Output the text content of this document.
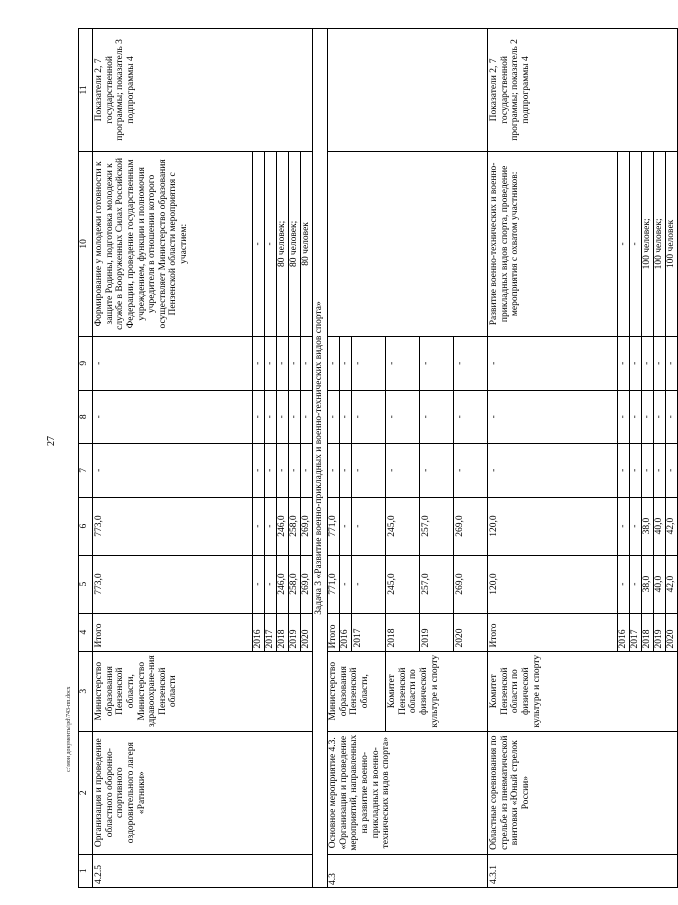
27
1	2	3	4	5	6	7	8	9	10	11
4.2.5	Организация и проведение областного оборонно-спортивного оздоровительного лагеря «Ратники»	Министерство образования Пензенской области, Министерство здравоохране-ния Пензенской области	Итого	773,0	773,0	-	-	-	Формирование у молодежи готовности к защите Родины, подготовка молодежи к службе в Вооруженных Силах Российской Федерации, проведение государственным учреждением, функции и полномочия учредителя в отношении которого осуществляет Министерство образования Пензенской области мероприятия с участием:	Показатели 2, 7 государственной программы; показатель 3 подпрограммы 4
			2016	-	-	-	-	-	-	
			2017	-	-	-	-	-	-	
			2018	246,0	246,0	-	-	-	80 человек;	
			2019	258,0	258,0	-	-	-	80 человек;	
			2020	269,0	269,0	-	-	-	80 человек	
Задача 3 «Развитие военно-прикладных и военно-технических видов спорта»										
4.3	Основное мероприятие 4.3. «Организация и проведение мероприятий, направленных на развитие военно-прикладных и военно-технических видов спорта»	Министерство образования Пензенской области,	Итого	771,0	771,0	-	-	-		
			2016	-	-	-	-	-		
			2017	-	-	-	-	-		
		Комитет Пензенской области по физической культуре и спорту	2018	245,0	245,0	-	-	-		
			2019	257,0	257,0	-	-	-		
			2020	269,0	269,0	-	-	-		
4.3.1	Областные соревнования по стрельбе из пневматической винтовки «Юный стрелок России»	Комитет Пензенской области по физической культуре и спорту	Итого	120,0	120,0	-	-	-	Развитие военно-технических и военно-прикладных видов спорта, проведение мероприятия с охватом участников:	Показатели 2, 7 государственной программы; показатель 2 подпрограммы 4
			2016	-	-	-	-	-	-	
			2017	-	-	-	-	-	-	
			2018	38,0	38,0	-	-	-	100 человек;	
			2019	40,0	40,0	-	-	-	100 человек;	
			2020	42,0	42,0	-	-	-	100 человек	
с:\мои документы\pd\743-пп.docx
